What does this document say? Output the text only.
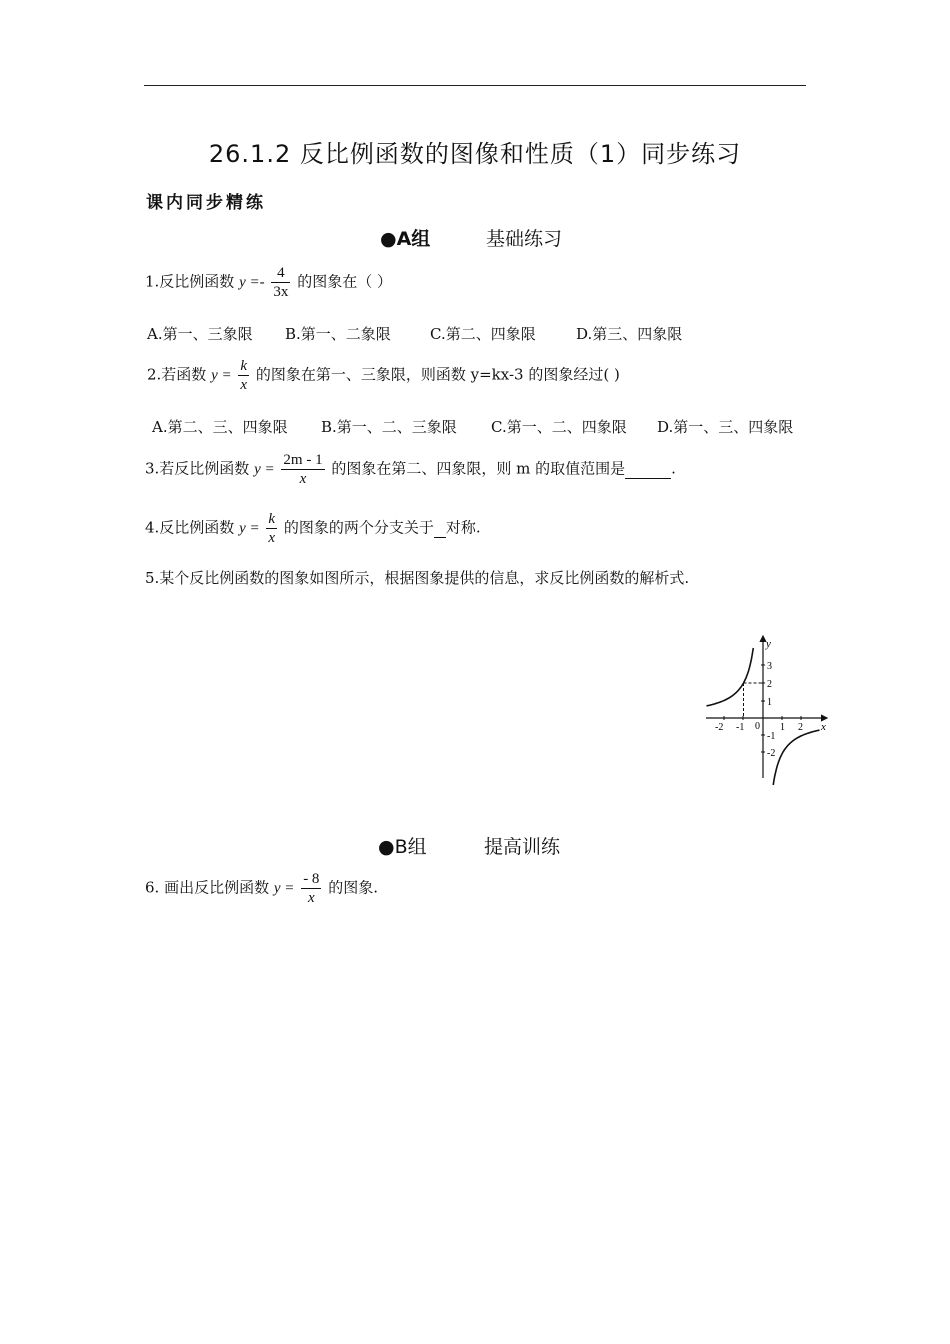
26.1.2 反比例函数的图像和性质（1）同步练习
课内同步精练
●A组	基础练习
1.反比例函数 $y =- \frac{4}{3x}$ 的图象在（ ）
A.第一、三象限 B.第一、二象限	C.第二、四象限	D.第三、四象限
2.若函数 $y = \frac{k}{x}$ 的图象在第一、三象限，则函数 y=kx-3 的图象经过( )
A.第二、三、四象限 B.第一、二、三象限 C.第一、二、四象限 D.第一、三、四象限
3.若反比例函数 $y = \frac{2m - 1}{x}$ 的图象在第二、四象限，则 m 的取值范围是	.
4.反比例函数 $y = \frac{k}{x}$ 的图象的两个分支关于 对称.
5.某个反比例函数的图象如图所示，根据图象提供的信息，求反比例函数的解析式.
y
x
0
-2 -1	1 2
3
2
1
-1
-2
●B组	提高训练
6. 画出反比例函数 $y = \frac{- 8}{x}$ 的图象.
